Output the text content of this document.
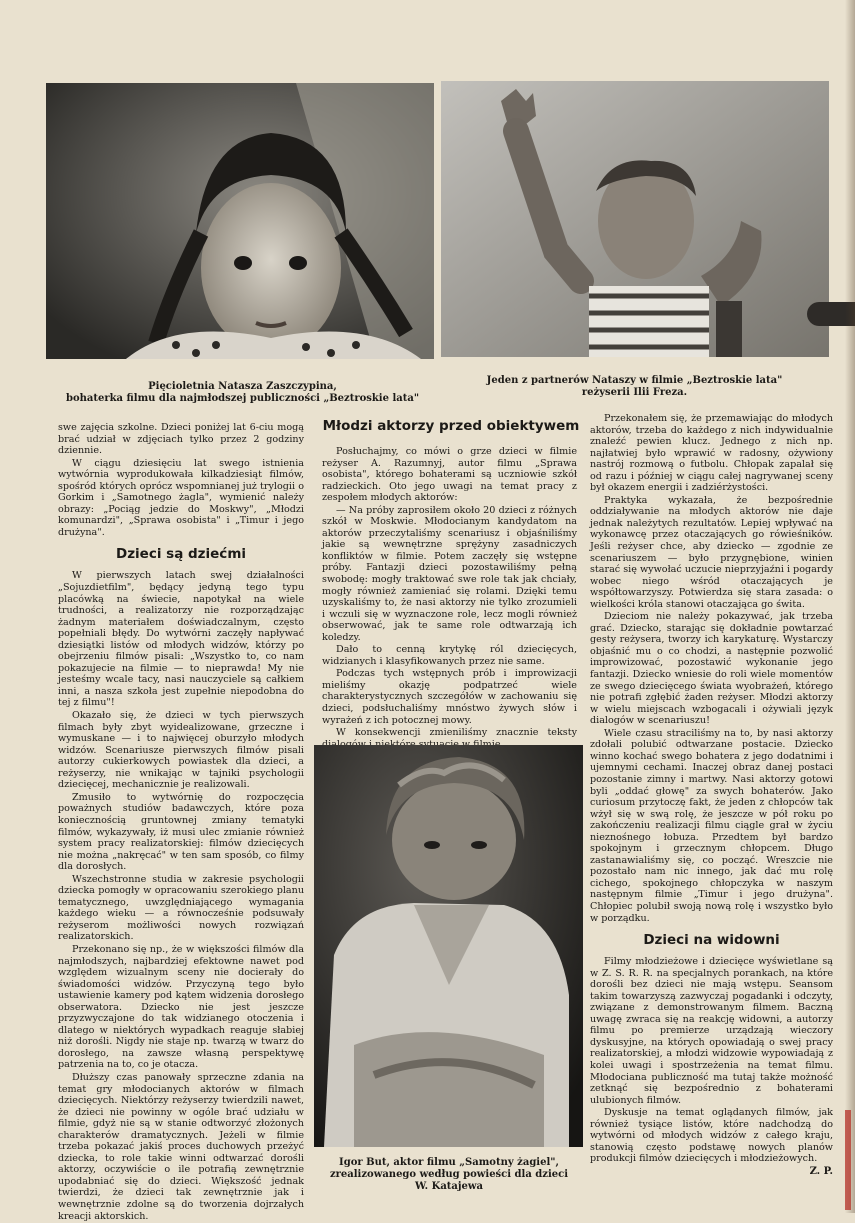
Pięcioletnia Natasza Zaszczypina,
bohaterka filmu dla najmłodszej publiczności „Beztroskie lata"
Jeden z partnerów Nataszy w filmie „Beztroskie lata"
reżyserii Ilii Freza.

swe zajęcia szkolne. Dzieci poniżej lat 6-ciu mogą brać udział w zdjęciach tylko przez 2 godziny dziennie.

W ciągu dziesięciu lat swego istnienia wytwórnia wyprodukowała kilkadziesiąt filmów, spośród których oprócz wspomnianej już trylogii o Gorkim i „Samotnego żagla", wymienić należy obrazy: „Pociąg jedzie do Moskwy", „Młodzi komunardzi", „Sprawa osobista" i „Timur i jego drużyna".

Dzieci są dziećmi

W pierwszych latach swej działalności „Sojuzdietfilm", będący jedyną tego typu placówką na świecie, napotykał na wiele trudności, a realizatorzy nie rozporządzając żadnym materiałem doświadczalnym, często popełniali błędy. Do wytwórni zaczęły napływać dziesiątki listów od młodych widzów, którzy po obejrzeniu filmów pisali: „Wszystko to, co nam pokazujecie na filmie — to nieprawda! My nie jesteśmy wcale tacy, nasi nauczyciele są całkiem inni, a nasza szkoła jest zupełnie niepodobna do tej z filmu"!

Okazało się, że dzieci w tych pierwszych filmach były zbyt wyidealizowane, grzeczne i wymuskane — i to najwięcej oburzyło młodych widzów. Scenariusze pierwszych filmów pisali autorzy cukierkowych powiastek dla dzieci, a reżyserzy, nie wnikając w tajniki psychologii dziecięcej, mechanicznie je realizowali.

Zmusiło to wytwórnię do rozpoczęcia poważnych studiów badawczych, które poza koniecznością gruntownej zmiany tematyki filmów, wykazywały, iż musi ulec zmianie również system pracy realizatorskiej: filmów dziecięcych nie można „nakręcać" w ten sam sposób, co filmy dla dorosłych.

Wszechstronne studia w zakresie psychologii dziecka pomogły w opracowaniu szerokiego planu tematycznego, uwzględniającego wymagania każdego wieku — a równocześnie podsuwały reżyserom możliwości nowych rozwiązań realizatorskich.

Przekonano się np., że w większości filmów dla najmłodszych, najbardziej efektowne nawet pod względem wizualnym sceny nie docierały do świadomości widzów. Przyczyną tego było ustawienie kamery pod kątem widzenia dorosłego obserwatora. Dziecko nie jest jeszcze przyzwyczajone do tak widzianego otoczenia i dlatego w niektórych wypadkach reaguje słabiej niż dorośli. Nigdy nie staje np. twarzą w twarz do dorosłego, na zawsze własną perspektywę patrzenia na to, co je otacza.

Dłuższy czas panowały sprzeczne zdania na temat gry młodocianych aktorów w filmach dziecięcych. Niektórzy reżyserzy twierdzili nawet, że dzieci nie powinny w ogóle brać udziału w filmie, gdyż nie są w stanie odtworzyć złożonych charakterów dramatycznych. Jeżeli w filmie trzeba pokazać jakiś proces duchowych przeżyć dziecka, to role takie winni odtwarzać dorośli aktorzy, oczywiście o ile potrafią zewnętrznie upodabniać się do dzieci. Większość jednak twierdzi, że dzieci tak zewnętrznie jak i wewnętrznie zdolne są do tworzenia dojrzałych kreacji aktorskich.

Młodzi aktorzy przed obiektywem

Posłuchajmy, co mówi o grze dzieci w filmie reżyser A. Razumnyj, autor filmu „Sprawa osobista", którego bohaterami są uczniowie szkół radzieckich. Oto jego uwagi na temat pracy z zespołem młodych aktorów:

— Na próby zaprosiłem około 20 dzieci z różnych szkół w Moskwie. Młodocianym kandydatom na aktorów przeczytaliśmy scenariusz i objaśniliśmy jakie są wewnętrzne sprężyny zasadniczych konfliktów w filmie. Potem zaczęły się wstępne próby. Fantazji dzieci pozostawiliśmy pełną swobodę: mogły traktować swe role tak jak chciały, mogły również zamieniać się rolami. Dzięki temu uzyskaliśmy to, że nasi aktorzy nie tylko zrozumieli i wczuli się w wyznaczone role, lecz mogli również obserwować, jak te same role odtwarzają ich koledzy.

Dało to cenną krytykę ról dziecięcych, widzianych i klasyfikowanych przez nie same.

Podczas tych wstępnych prób i improwizacji mieliśmy okazję podpatrzeć wiele charakterystycznych szczegółów w zachowaniu się dzieci, podsłuchaliśmy mnóstwo żywych słów i wyrażeń z ich potocznej mowy.

W konsekwencji zmieniliśmy znacznie teksty

Igor But, aktor filmu „Samotny żagiel",
zrealizowanego według powieści dla dzieci
W. Katajewa

Przekonałem się, że przemawiając do młodych aktorów, trzeba do każdego z nich indywidualnie znaleźć pewien klucz. Jednego z nich np. najłatwiej było wprawić w radosny, ożywiony nastrój rozmową o futbolu. Chłopak zapalał się od razu i później w ciągu całej nagrywanej sceny był okazem energii i zadziérżystości.

Praktyka wykazała, że bezpośrednie oddziaływanie na młodych aktorów nie daje jednak należytych rezultatów. Lepiej wpływać na wykonawcę przez otaczających go rówieśników. Jeśli reżyser chce, aby dziecko — zgodnie ze scenariuszem — było przygnębione, winien starać się wywołać uczucie nieprzyjaźni i pogardy wobec niego wśród otaczających je współtowarzyszy. Potwierdza się stara zasada: o wielkości króla stanowi otaczająca go świta.

Dzieciom nie należy pokazywać, jak trzeba grać. Dziecko, starając się dokładnie powtarzać gesty reżysera, tworzy ich karykaturę. Wystarczy objaśnić mu o co chodzi, a następnie pozwolić improwizować, pozostawić wykonanie jego fantazji. Dziecko wniesie do roli wiele momentów ze swego dziecięcego świata wyobrażeń, którego nie potrafi zgłębić żaden reżyser. Młodzi aktorzy w wielu miejscach wzbogacali i ożywiali język dialogów w scenariuszu!

Wiele czasu straciliśmy na to, by nasi aktorzy zdołali polubić odtwarzane postacie. Dziecko winno kochać swego bohatera z jego dodatnimi i ujemnymi cechami. Inaczej obraz danej postaci pozostanie zimny i martwy. Nasi aktorzy gotowi byli „oddać głowę" za swych bohaterów. Jako curiosum przytoczę fakt, że jeden z chłopców tak wżył się w swą rolę, że jeszcze w pół roku po zakończeniu realizacji filmu ciągle grał w życiu nieznośnego łobuza. Przedtem był bardzo spokojnym i grzecznym chłopcem. Długo zastanawialiśmy się, co począć. Wreszcie nie pozostało nam nic innego, jak dać mu rolę cichego, spokojnego chłopczyka w naszym następnym filmie „Timur i jego drużyna". Chłopiec polubił swoją nową rolę i wszystko było w porządku.

Dzieci na widowni

Filmy młodzieżowe i dziecięce wyświetlane są w Z. S. R. R. na specjalnych porankach, na które dorośli bez dzieci nie mają wstępu. Seansom takim towarzyszą zazwyczaj pogadanki i odczyty, związane z demonstrowanym filmem. Baczną uwagę zwraca się na reakcję widowni, a autorzy filmu po premierze urządzają wieczory dyskusyjne, na których opowiadają o swej pracy realizatorskiej, a młodzi widzowie wypowiadają z kolei uwagi i spostrzeżenia na temat filmu. Młodociana publiczność ma tutaj także możność zetknąć się bezpośrednio z bohaterami ulubionych filmów.

Dyskusje na temat oglądanych filmów, jak również tysiące listów, które nadchodzą do wytwórni od młodych widzów z całego kraju, stanowią często podstawę nowych planów produkcji filmów dziecięcych i młodzieżowych.

Z. P.
